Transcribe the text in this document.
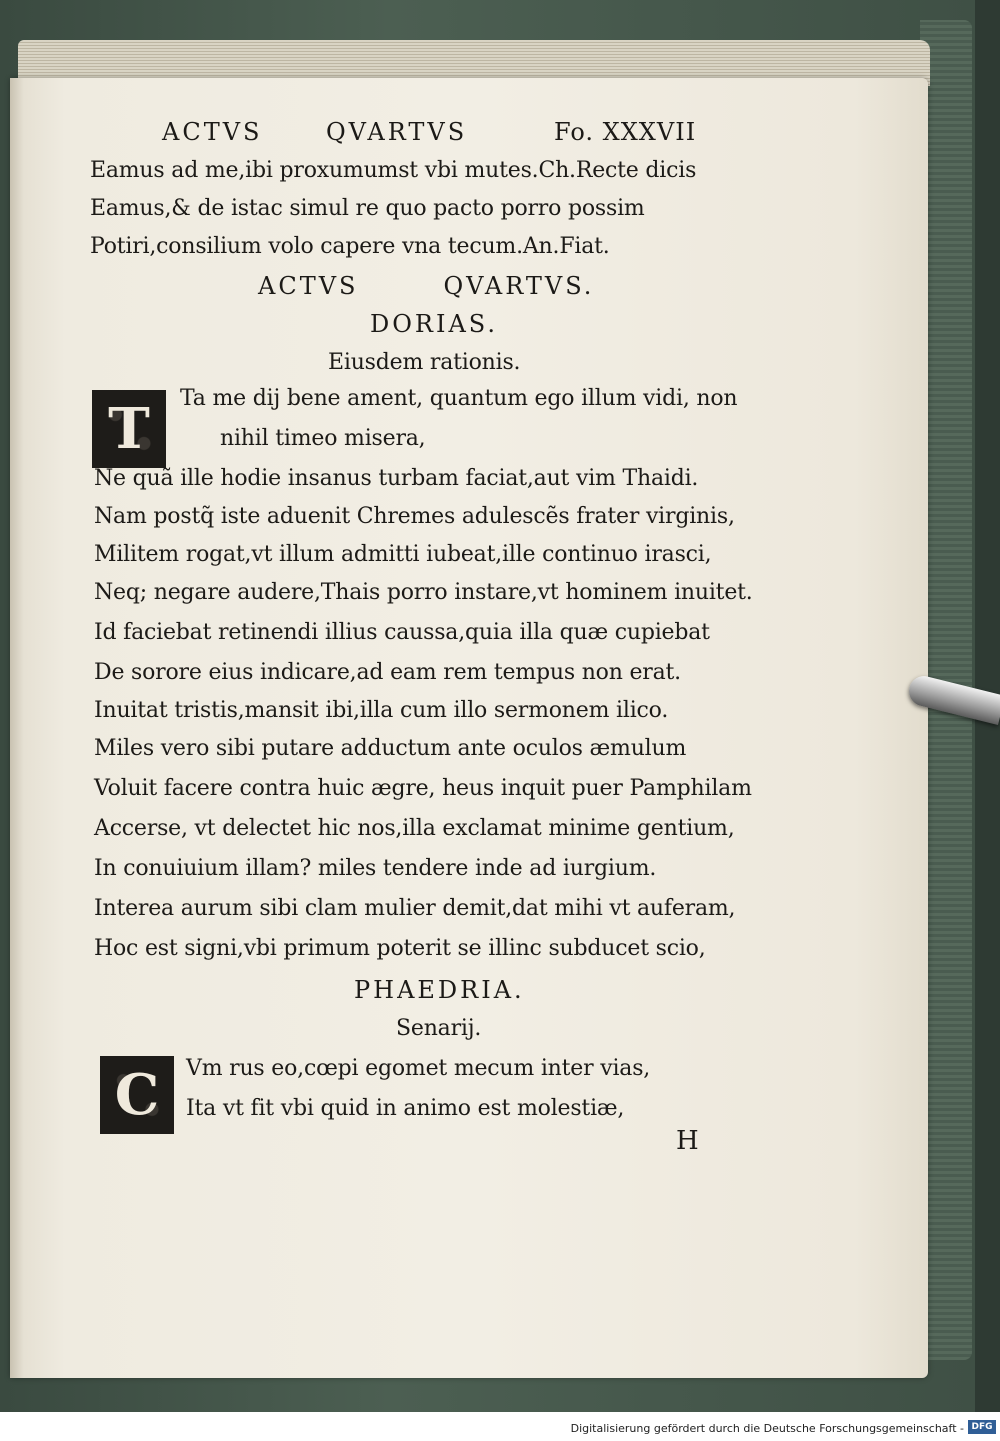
ACTVS	QVARTVS	Fo. XXXVII
Eamus ad me,ibi proxumumst vbi mutes.Ch.Recte dicis
Eamus,& de istac simul re quo pacto porro possim
Potiri,consilium volo capere vna tecum.An.Fiat.
ACTVS        QVARTVS.
DORIAS.
Eiusdem rationis.
T	Ta me dij bene ament, quantum ego illum vidi, non
nihil timeo misera,
Ne quã ille hodie insanus turbam faciat,aut vim Thaidi.
Nam postq̃ iste aduenit Chremes adulescẽs frater virginis,
Militem rogat,vt illum admitti iubeat,ille continuo irasci,
Neq; negare audere,Thais porro instare,vt hominem inuitet.
Id faciebat retinendi illius caussa,quia illa quæ cupiebat
De sorore eius indicare,ad eam rem tempus non erat.
Inuitat tristis,mansit ibi,illa cum illo sermonem ilico.
Miles vero sibi putare adductum ante oculos æmulum
Voluit facere contra huic ægre, heus inquit puer Pamphilam
Accerse, vt delectet hic nos,illa exclamat minime gentium,
In conuiuium illam? miles tendere inde ad iurgium.
Interea aurum sibi clam mulier demit,dat mihi vt auferam,
Hoc est signi,vbi primum poterit se illinc subducet scio,
PHAEDRIA.
Senarij.
C	Vm rus eo,cœpi egomet mecum inter vias,
Ita vt fit vbi quid in animo est molestiæ,
H
Digitalisierung gefördert durch die Deutsche Forschungsgemeinschaft - DFG
